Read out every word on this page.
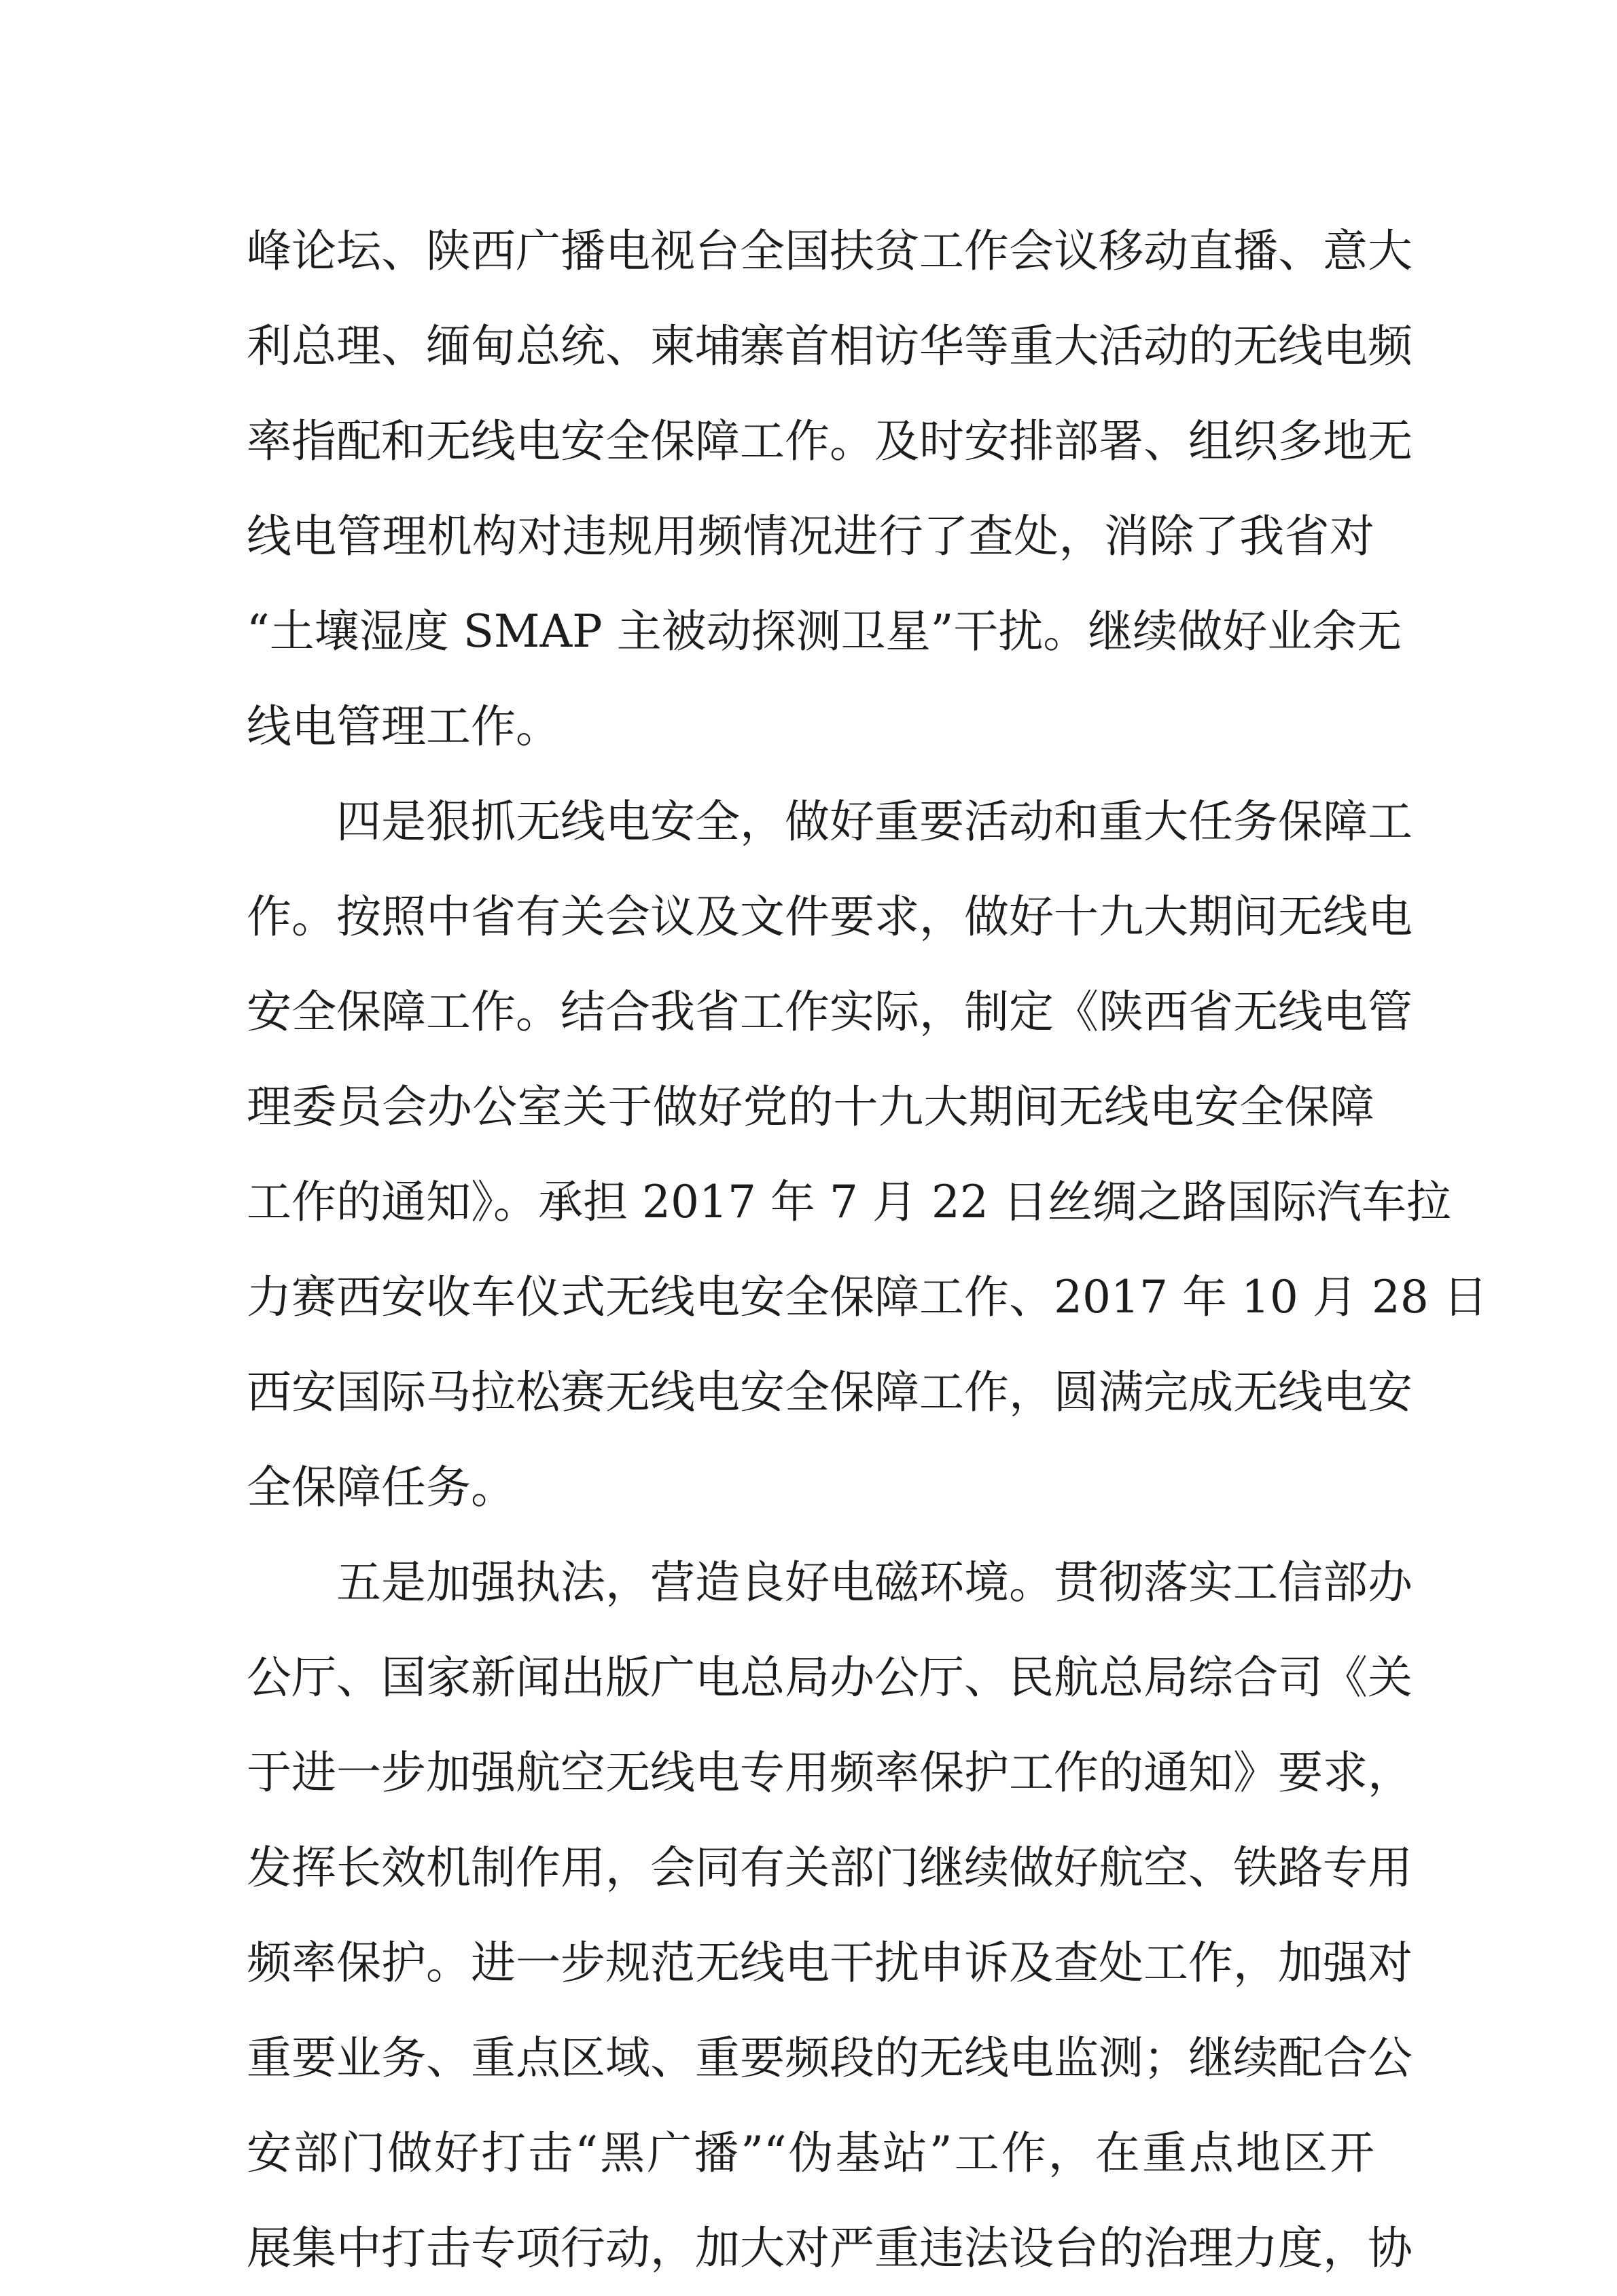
峰论坛、陕西广播电视台全国扶贫工作会议移动直播、意大
利总理、缅甸总统、柬埔寨首相访华等重大活动的无线电频
率指配和无线电安全保障工作。及时安排部署、组织多地无
线电管理机构对违规用频情况进行了查处，消除了我省对
“土壤湿度 SMAP 主被动探测卫星”干扰。继续做好业余无
线电管理工作。
四是狠抓无线电安全，做好重要活动和重大任务保障工
作。按照中省有关会议及文件要求，做好十九大期间无线电
安全保障工作。结合我省工作实际，制定《陕西省无线电管
理委员会办公室关于做好党的十九大期间无线电安全保障
工作的通知》。承担 2017 年 7 月 22 日丝绸之路国际汽车拉
力赛西安收车仪式无线电安全保障工作、2017 年 10 月 28 日
西安国际马拉松赛无线电安全保障工作，圆满完成无线电安
全保障任务。
五是加强执法，营造良好电磁环境。贯彻落实工信部办
公厅、国家新闻出版广电总局办公厅、民航总局综合司《关
于进一步加强航空无线电专用频率保护工作的通知》要求，
发挥长效机制作用，会同有关部门继续做好航空、铁路专用
频率保护。进一步规范无线电干扰申诉及查处工作，加强对
重要业务、重点区域、重要频段的无线电监测；继续配合公
安部门做好打击“黑广播”“伪基站”工作，在重点地区开
展集中打击专项行动，加大对严重违法设台的治理力度，协
